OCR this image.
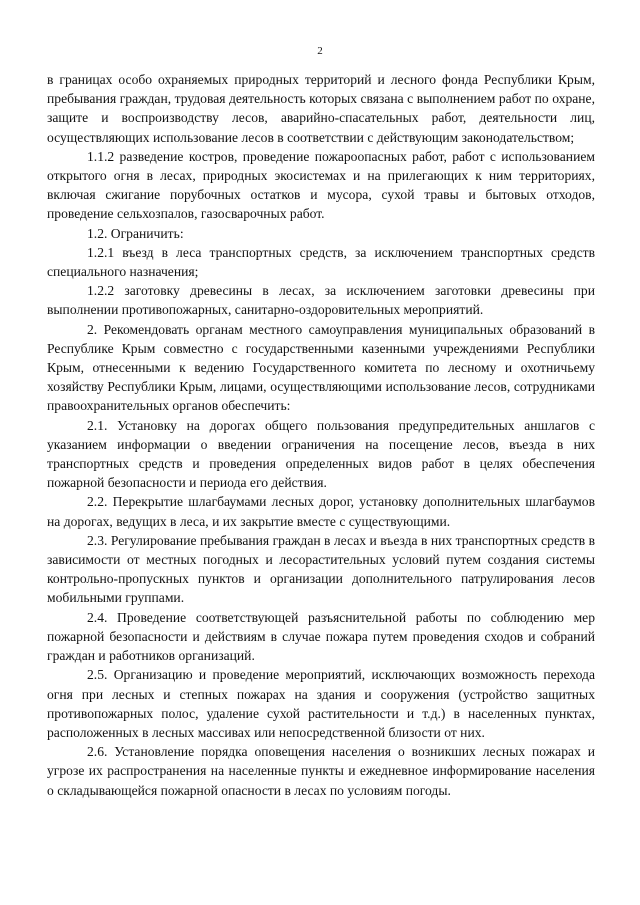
2

в границах особо охраняемых природных территорий и лесного фонда Республики Крым, пребывания граждан, трудовая деятельность которых связана с выполнением работ по охране, защите и воспроизводству лесов, аварийно-спасательных работ, деятельности лиц, осуществляющих использование лесов в соответствии с действующим законодательством;

1.1.2 разведение костров, проведение пожароопасных работ, работ с использованием открытого огня в лесах, природных экосистемах и на прилегающих к ним территориях, включая сжигание порубочных остатков и мусора, сухой травы и бытовых отходов, проведение сельхозпалов, газосварочных работ.

1.2. Ограничить:

1.2.1 въезд в леса транспортных средств, за исключением транспортных средств специального назначения;

1.2.2 заготовку древесины в лесах, за исключением заготовки древесины при выполнении противопожарных, санитарно-оздоровительных мероприятий.

2. Рекомендовать органам местного самоуправления муниципальных образований в Республике Крым совместно с государственными казенными учреждениями Республики Крым, отнесенными к ведению Государственного комитета по лесному и охотничьему хозяйству Республики Крым, лицами, осуществляющими использование лесов, сотрудниками правоохранительных органов обеспечить:

2.1. Установку на дорогах общего пользования предупредительных аншлагов с указанием информации о введении ограничения на посещение лесов, въезда в них транспортных средств и проведения определенных видов работ в целях обеспечения пожарной безопасности и периода его действия.

2.2. Перекрытие шлагбаумами лесных дорог, установку дополнительных шлагбаумов на дорогах, ведущих в леса, и их закрытие вместе с существующими.

2.3. Регулирование пребывания граждан в лесах и въезда в них транспортных средств в зависимости от местных погодных и лесорастительных условий путем создания системы контрольно-пропускных пунктов и организации дополнительного патрулирования лесов мобильными группами.

2.4. Проведение соответствующей разъяснительной работы по соблюдению мер пожарной безопасности и действиям в случае пожара путем проведения сходов и собраний граждан и работников организаций.

2.5. Организацию и проведение мероприятий, исключающих возможность перехода огня при лесных и степных пожарах на здания и сооружения (устройство защитных противопожарных полос, удаление сухой растительности и т.д.) в населенных пунктах, расположенных в лесных массивах или непосредственной близости от них.

2.6. Установление порядка оповещения населения о возникших лесных пожарах и угрозе их распространения на населенные пункты и ежедневное информирование населения о складывающейся пожарной опасности в лесах по условиям погоды.
